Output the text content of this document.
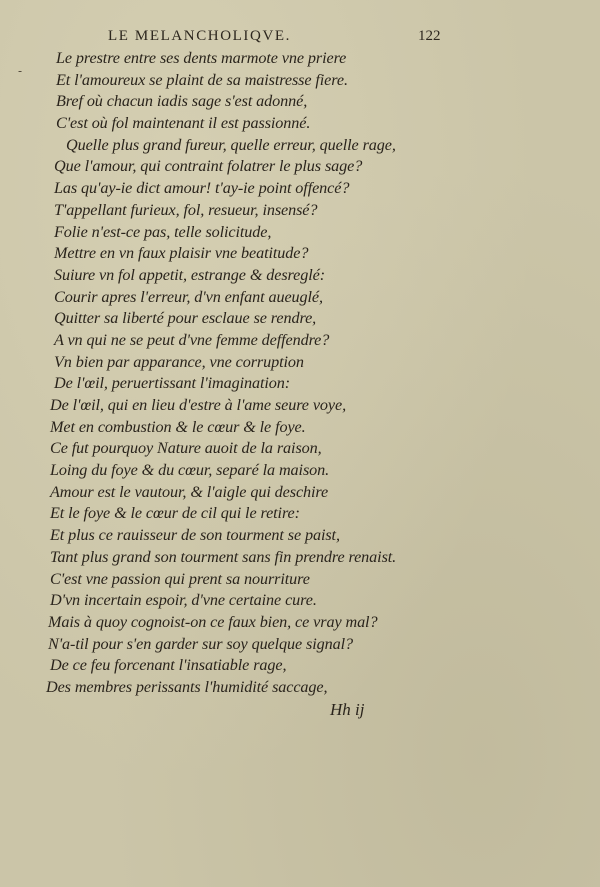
LE MELANCHOLIQVE.	122
-
Le prestre entre ses dents marmote vne priere
Et l'amoureux se plaint de sa maistresse fiere.
Bref où chacun iadis sage s'est adonné,
C'est où fol maintenant il est passionné.
Quelle plus grand fureur, quelle erreur, quelle rage,
Que l'amour, qui contraint folatrer le plus sage?
Las qu'ay-ie dict amour! t'ay-ie point offencé?
T'appellant furieux, fol, resueur, insensé?
Folie n'est-ce pas, telle solicitude,
Mettre en vn faux plaisir vne beatitude?
Suiure vn fol appetit, estrange & desreglé:
Courir apres l'erreur, d'vn enfant aueuglé,
Quitter sa liberté pour esclaue se rendre,
A vn qui ne se peut d'vne femme deffendre?
Vn bien par apparance, vne corruption
De l'œil, peruertissant l'imagination:
De l'œil, qui en lieu d'estre à l'ame seure voye,
Met en combustion & le cœur & le foye.
Ce fut pourquoy Nature auoit de la raison,
Loing du foye & du cœur, separé la maison.
Amour est le vautour, & l'aigle qui deschire
Et le foye & le cœur de cil qui le retire:
Et plus ce rauisseur de son tourment se paist,
Tant plus grand son tourment sans fin prendre renaist.
C'est vne passion qui prent sa nourriture
D'vn incertain espoir, d'vne certaine cure.
Mais à quoy cognoist-on ce faux bien, ce vray mal?
N'a-til pour s'en garder sur soy quelque signal?
De ce feu forcenant l'insatiable rage,
Des membres perissants l'humidité saccage,
Hh ij
